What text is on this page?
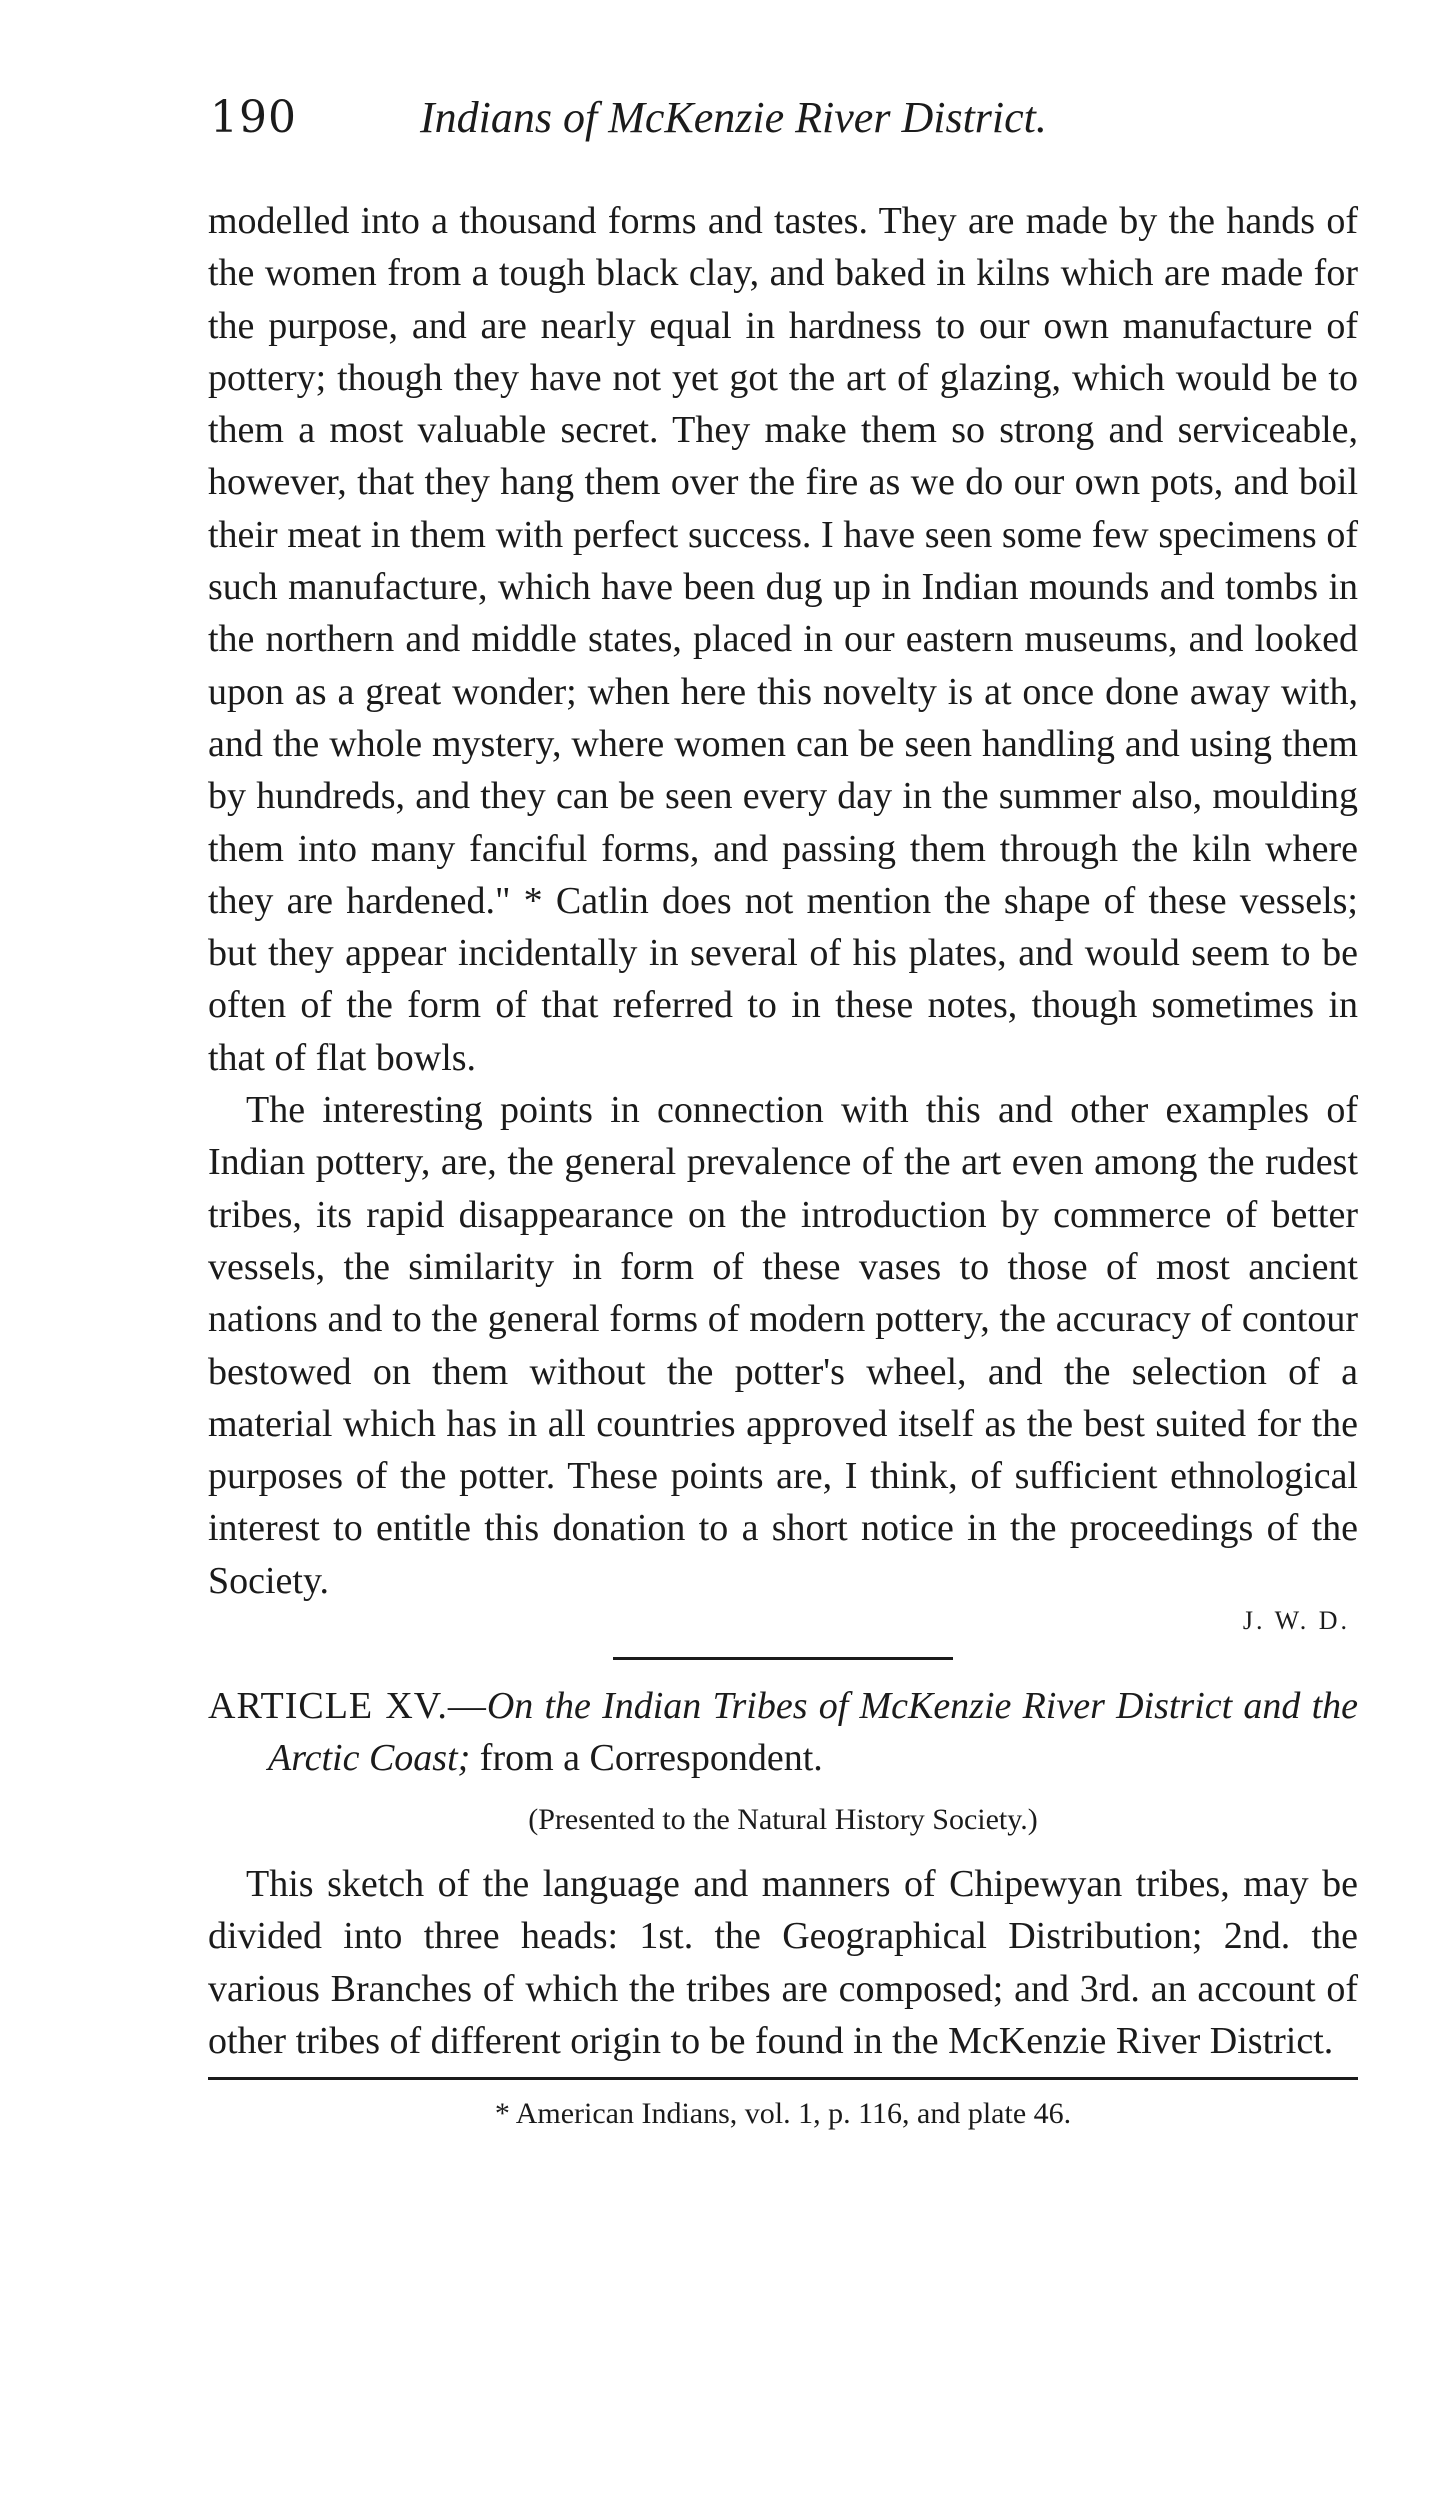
190	Indians of McKenzie River District.

modelled into a thousand forms and tastes. They are made by the hands of the women from a tough black clay, and baked in kilns which are made for the purpose, and are nearly equal in hardness to our own manufacture of pottery; though they have not yet got the art of glazing, which would be to them a most valuable secret. They make them so strong and serviceable, however, that they hang them over the fire as we do our own pots, and boil their meat in them with perfect success. I have seen some few specimens of such manufacture, which have been dug up in Indian mounds and tombs in the northern and middle states, placed in our eastern museums, and looked upon as a great wonder; when here this novelty is at once done away with, and the whole mystery, where women can be seen handling and using them by hundreds, and they can be seen every day in the summer also, moulding them into many fanciful forms, and passing them through the kiln where they are hardened." * Catlin does not mention the shape of these vessels; but they appear incidentally in several of his plates, and would seem to be often of the form of that referred to in these notes, though sometimes in that of flat bowls.

The interesting points in connection with this and other examples of Indian pottery, are, the general prevalence of the art even among the rudest tribes, its rapid disappearance on the introduction by commerce of better vessels, the similarity in form of these vases to those of most ancient nations and to the general forms of modern pottery, the accuracy of contour bestowed on them without the potter's wheel, and the selection of a material which has in all countries approved itself as the best suited for the purposes of the potter. These points are, I think, of sufficient ethnological interest to entitle this donation to a short notice in the proceedings of the Society.

J. W. D.

ARTICLE XV.—On the Indian Tribes of McKenzie River District and the Arctic Coast; from a Correspondent.

(Presented to the Natural History Society.)

This sketch of the language and manners of Chipewyan tribes, may be divided into three heads: 1st. the Geographical Distribution; 2nd. the various Branches of which the tribes are composed; and 3rd. an account of other tribes of different origin to be found in the McKenzie River District.

* American Indians, vol. 1, p. 116, and plate 46.
